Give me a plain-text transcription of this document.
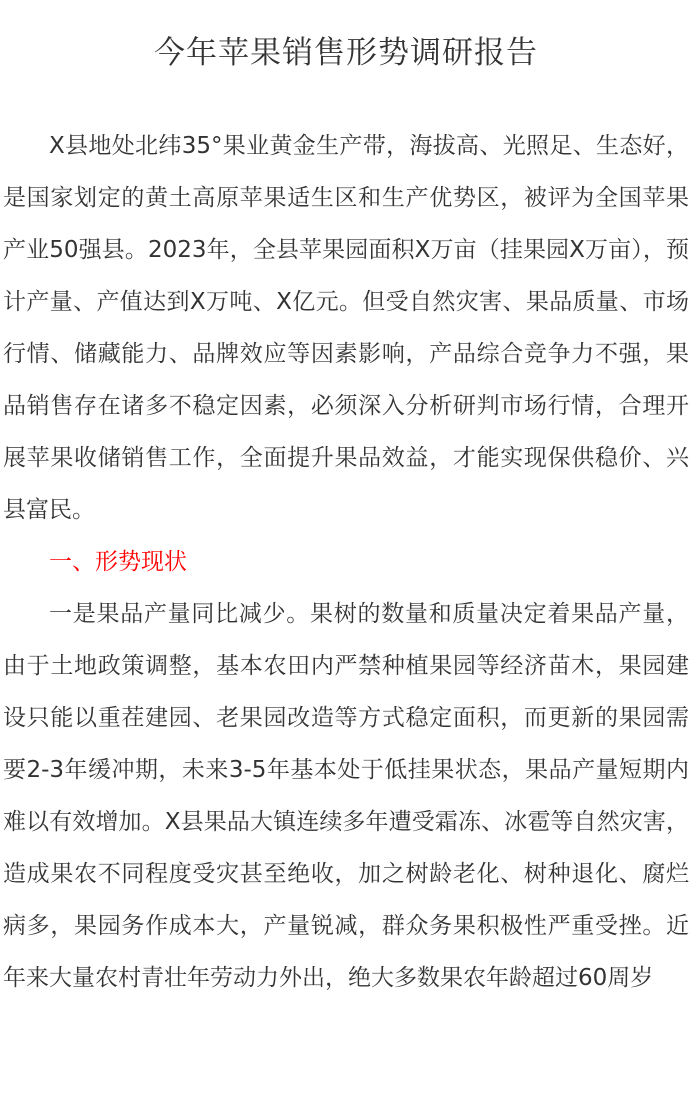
今年苹果销售形势调研报告

X县地处北纬35°果业黄金生产带，海拔高、光照足、生态好，是国家划定的黄土高原苹果适生区和生产优势区，被评为全国苹果产业50强县。2023年，全县苹果园面积X万亩（挂果园X万亩），预计产量、产值达到X万吨、X亿元。但受自然灾害、果品质量、市场行情、储藏能力、品牌效应等因素影响，产品综合竞争力不强，果品销售存在诸多不稳定因素，必须深入分析研判市场行情，合理开展苹果收储销售工作，全面提升果品效益，才能实现保供稳价、兴县富民。

一、形势现状

一是果品产量同比减少。果树的数量和质量决定着果品产量，由于土地政策调整，基本农田内严禁种植果园等经济苗木，果园建设只能以重茬建园、老果园改造等方式稳定面积，而更新的果园需要2-3年缓冲期，未来3-5年基本处于低挂果状态，果品产量短期内难以有效增加。X县果品大镇连续多年遭受霜冻、冰雹等自然灾害，造成果农不同程度受灾甚至绝收，加之树龄老化、树种退化、腐烂病多，果园务作成本大，产量锐减，群众务果积极性严重受挫。近年来大量农村青壮年劳动力外出，绝大多数果农年龄超过60周岁
